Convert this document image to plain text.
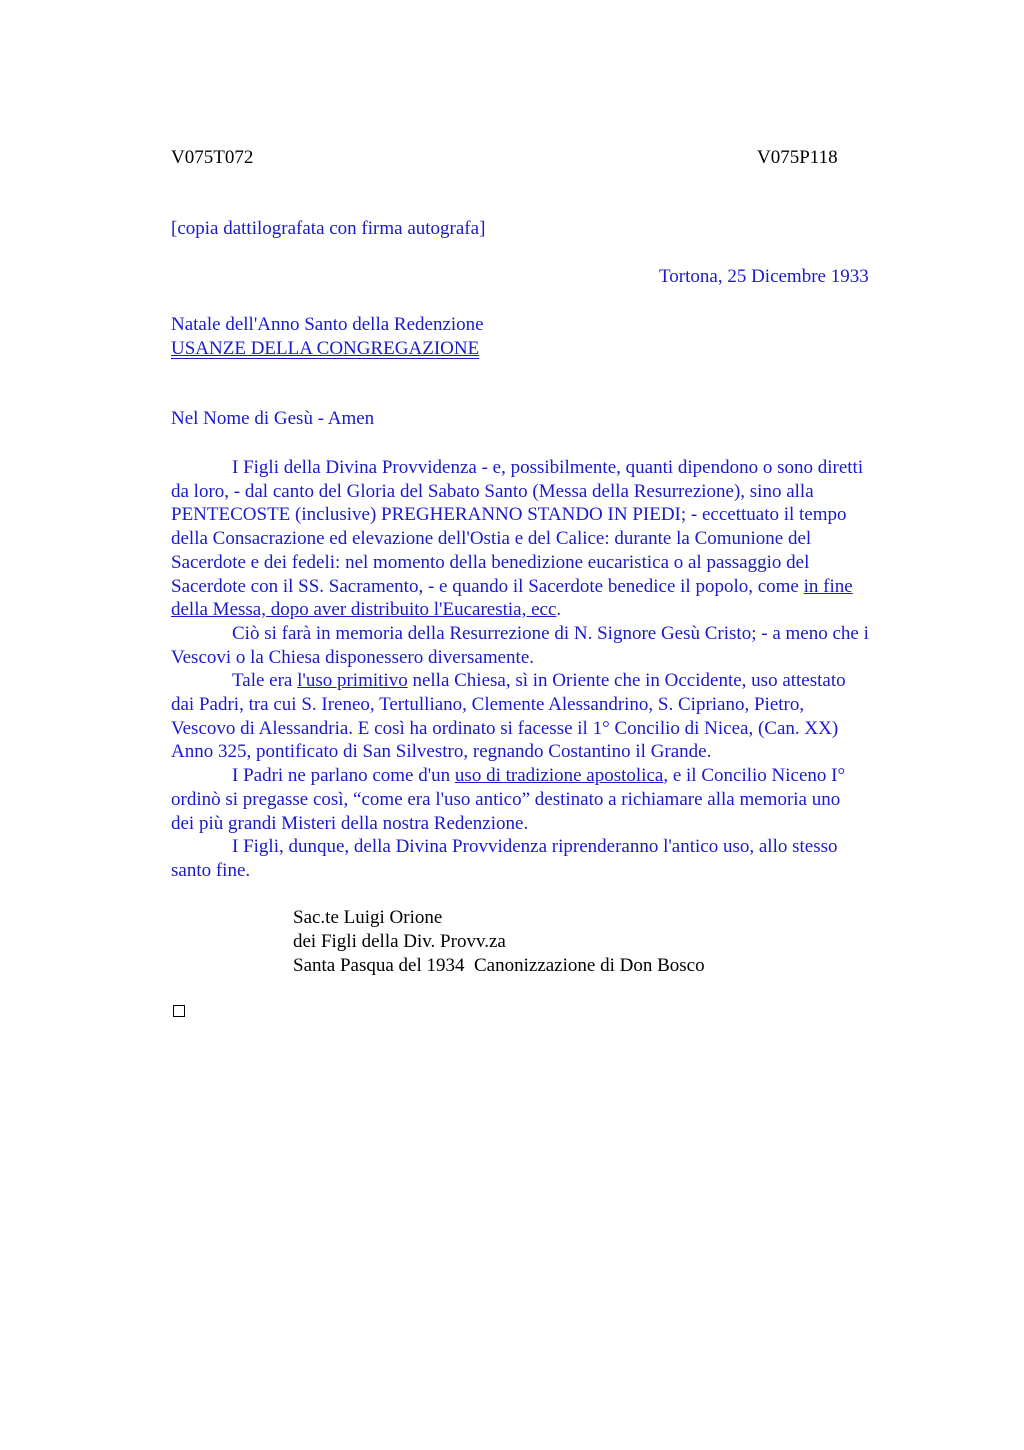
V075T072	V075P118
[copia dattilografata con firma autografa]
Tortona, 25 Dicembre 1933
Natale dell'Anno Santo della Redenzione
USANZE DELLA CONGREGAZIONE
Nel Nome di Gesù - Amen
I Figli della Divina Provvidenza - e, possibilmente, quanti dipendono o sono diretti
da loro, - dal canto del Gloria del Sabato Santo (Messa della Resurrezione), sino alla
PENTECOSTE (inclusive) PREGHERANNO STANDO IN PIEDI; - eccettuato il tempo
della Consacrazione ed elevazione dell'Ostia e del Calice: durante la Comunione del
Sacerdote e dei fedeli: nel momento della benedizione eucaristica o al passaggio del
Sacerdote con il SS. Sacramento, - e quando il Sacerdote benedice il popolo, come in fine
della Messa, dopo aver distribuito l'Eucarestia, ecc.
Ciò si farà in memoria della Resurrezione di N. Signore Gesù Cristo; - a meno che i
Vescovi o la Chiesa disponessero diversamente.
Tale era l'uso primitivo nella Chiesa, sì in Oriente che in Occidente, uso attestato
dai Padri, tra cui S. Ireneo, Tertulliano, Clemente Alessandrino, S. Cipriano, Pietro,
Vescovo di Alessandria. E così ha ordinato si facesse il 1° Concilio di Nicea, (Can. XX)
Anno 325, pontificato di San Silvestro, regnando Costantino il Grande.
I Padri ne parlano come d'un uso di tradizione apostolica, e il Concilio Niceno I°
ordinò si pregasse così, “come era l'uso antico” destinato a richiamare alla memoria uno
dei più grandi Misteri della nostra Redenzione.
I Figli, dunque, della Divina Provvidenza riprenderanno l'antico uso, allo stesso
santo fine.
Sac.te Luigi Orione
dei Figli della Div. Provv.za
Santa Pasqua del 1934  Canonizzazione di Don Bosco
